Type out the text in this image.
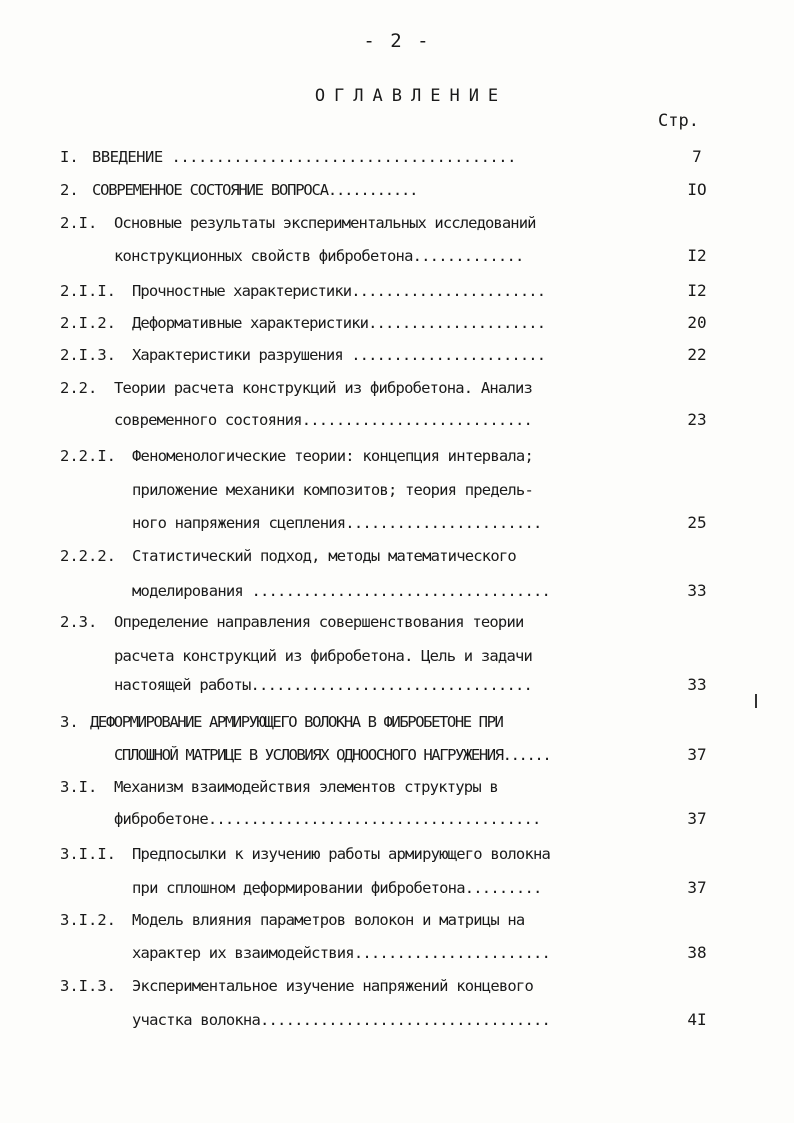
- 2 -
ОГЛАВЛЕНИЕ
Стр.
I. ВВЕДЕНИЕ .......................................	7
2. СОВРЕМЕННОЕ СОСТОЯНИЕ ВОПРОСА...........	IO
2.I. Основные результаты экспериментальных исследований
конструкционных свойств фибробетона.............	I2
2.I.I. Прочностные характеристики.......................	I2
2.I.2. Деформативные характеристики.....................	20
2.I.3. Характеристики разрушения .......................	22
2.2. Теории расчета конструкций из фибробетона. Анализ
современного состояния...........................	23
2.2.I. Феноменологические теории: концепция интервала;
приложение механики композитов; теория предель-
ного напряжения сцепления.......................	25
2.2.2. Статистический подход, методы математического
моделирования ...................................	33
2.3. Определение направления совершенствования теории
расчета конструкций из фибробетона. Цель и задачи
настоящей работы.................................	33
3. ДЕФОРМИРОВАНИЕ АРМИРУЮЩЕГО ВОЛОКНА В ФИБРОБЕТОНЕ ПРИ
СПЛОШНОЙ МАТРИЦЕ В УСЛОВИЯХ ОДНООСНОГО НАГРУЖЕНИЯ......	37
3.I. Механизм взаимодействия элементов структуры в
фибробетоне.......................................	37
3.I.I. Предпосылки к изучению работы армирующего волокна
при сплошном деформировании фибробетона.........	37
3.I.2. Модель влияния параметров волокон и матрицы на
характер их взаимодействия.......................	38
3.I.3. Экспериментальное изучение напряжений концевого
участка волокна..................................	4I
